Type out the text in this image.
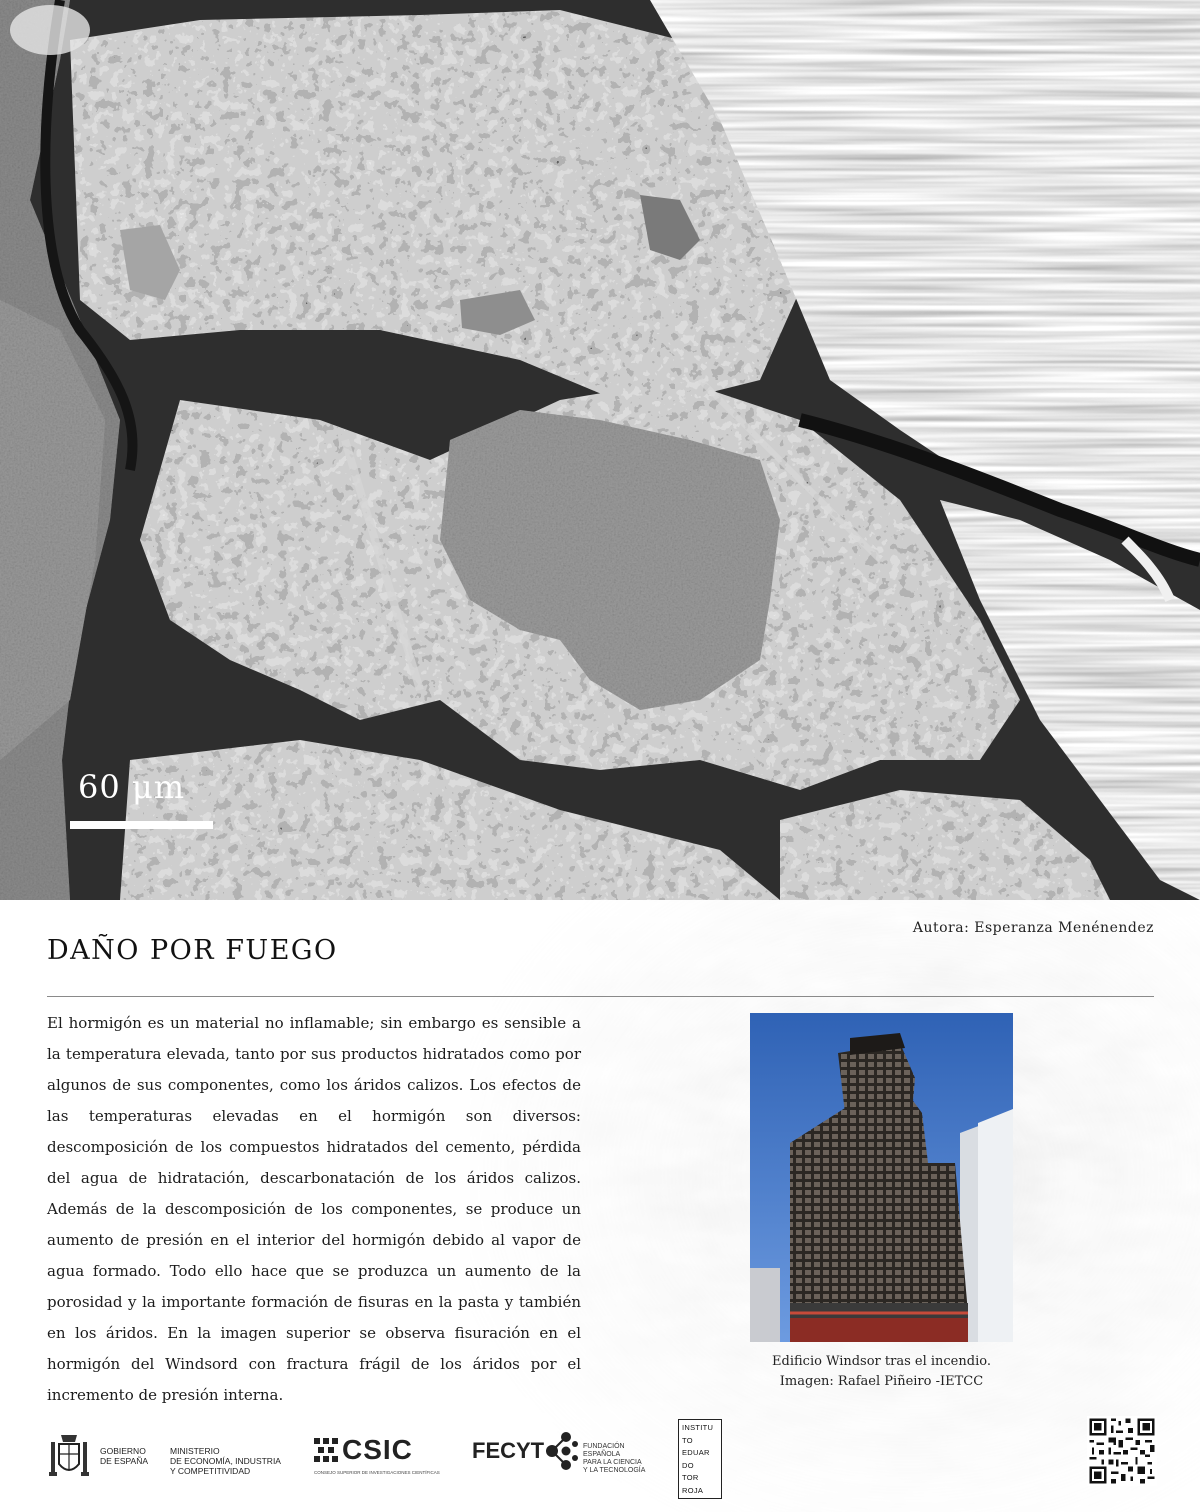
60 μm
Autora: Esperanza Menénendez
DAÑO POR FUEGO

El hormigón es un material no inflamable; sin embargo es sensible a la temperatura elevada, tanto por sus productos hidratados como por algunos de sus componentes, como los áridos calizos. Los efectos de las temperaturas elevadas en el hormigón son diversos: descomposición de los compuestos hidratados del cemento, pérdida del agua de hidratación, descarbonatación de los áridos calizos. Además de la descomposición de los componentes, se produce un aumento de presión en el interior del hormigón debido al vapor de agua formado. Todo ello hace que se produzca un aumento de la porosidad y la importante formación de fisuras en la pasta y también en los áridos. En la imagen superior se observa fisuración en el hormigón del Windsord con fractura frágil de los áridos por el incremento de presión interna.

Edificio Windsor tras el incendio.
Imagen: Rafael Piñeiro -IETCC
GOBIERNO
DE ESPAÑA
MINISTERIO
DE ECONOMÍA, INDUSTRIA
Y COMPETITIVIDAD
CSIC
CONSEJO SUPERIOR DE INVESTIGACIONES CIENTÍFICAS
FECYT	FUNDACIÓN ESPAÑOLA
PARA LA CIENCIA
Y LA TECNOLOGÍA
INSTITU
TO
EDUAR
DO
TOR
ROJA
